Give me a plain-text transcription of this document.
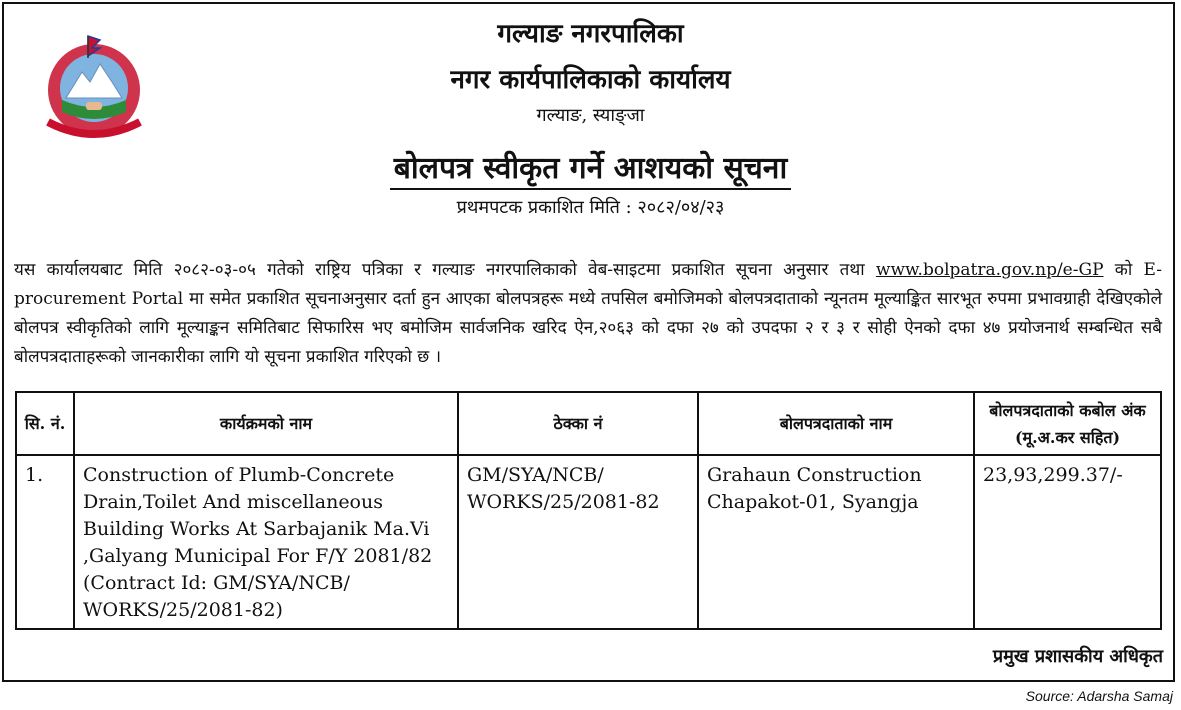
गल्याङ नगरपालिका
नगर कार्यपालिकाको कार्यालय
गल्याङ, स्याङ्जा
बोलपत्र स्वीकृत गर्ने आशयको सूचना
प्रथमपटक प्रकाशित मिति : २०८२/०४/२३
यस कार्यालयबाट मिति २०८२-०३-०५ गतेको राष्ट्रिय पत्रिका र गल्याङ नगरपालिकाको वेब-साइटमा प्रकाशित सूचना अनुसार तथा www.bolpatra.gov.np/e-GP को E-procurement Portal मा समेत प्रकाशित सूचनाअनुसार दर्ता हुन आएका बोलपत्रहरू मध्ये तपसिल बमोजिमको बोलपत्रदाताको न्यूनतम मूल्याङ्कित सारभूत रुपमा प्रभावग्राही देखिएकोले बोलपत्र स्वीकृतिको लागि मूल्याङ्कन समितिबाट सिफारिस भए बमोजिम सार्वजनिक खरिद ऐन,२०६३ को दफा २७ को उपदफा २ र ३ र सोही ऐनको दफा ४७ प्रयोजनार्थ सम्बन्धित सबै बोलपत्रदाताहरूको जानकारीका लागि यो सूचना प्रकाशित गरिएको छ ।
सि. नं.	कार्यक्रमको नाम	ठेक्का नं	बोलपत्रदाताको नाम	बोलपत्रदाताको कबोल अंक (मू.अ.कर सहित)
1.	Construction of Plumb-Concrete Drain,Toilet And miscellaneous Building Works At Sarbajanik Ma.Vi ,Galyang Municipal For F/Y 2081/82 (Contract Id: GM/SYA/NCB/ WORKS/25/2081-82)	GM/SYA/NCB/ WORKS/25/2081-82	Grahaun Construction Chapakot-01, Syangja	23,93,299.37/-
प्रमुख प्रशासकीय अधिकृत
Source: Adarsha Samaj
